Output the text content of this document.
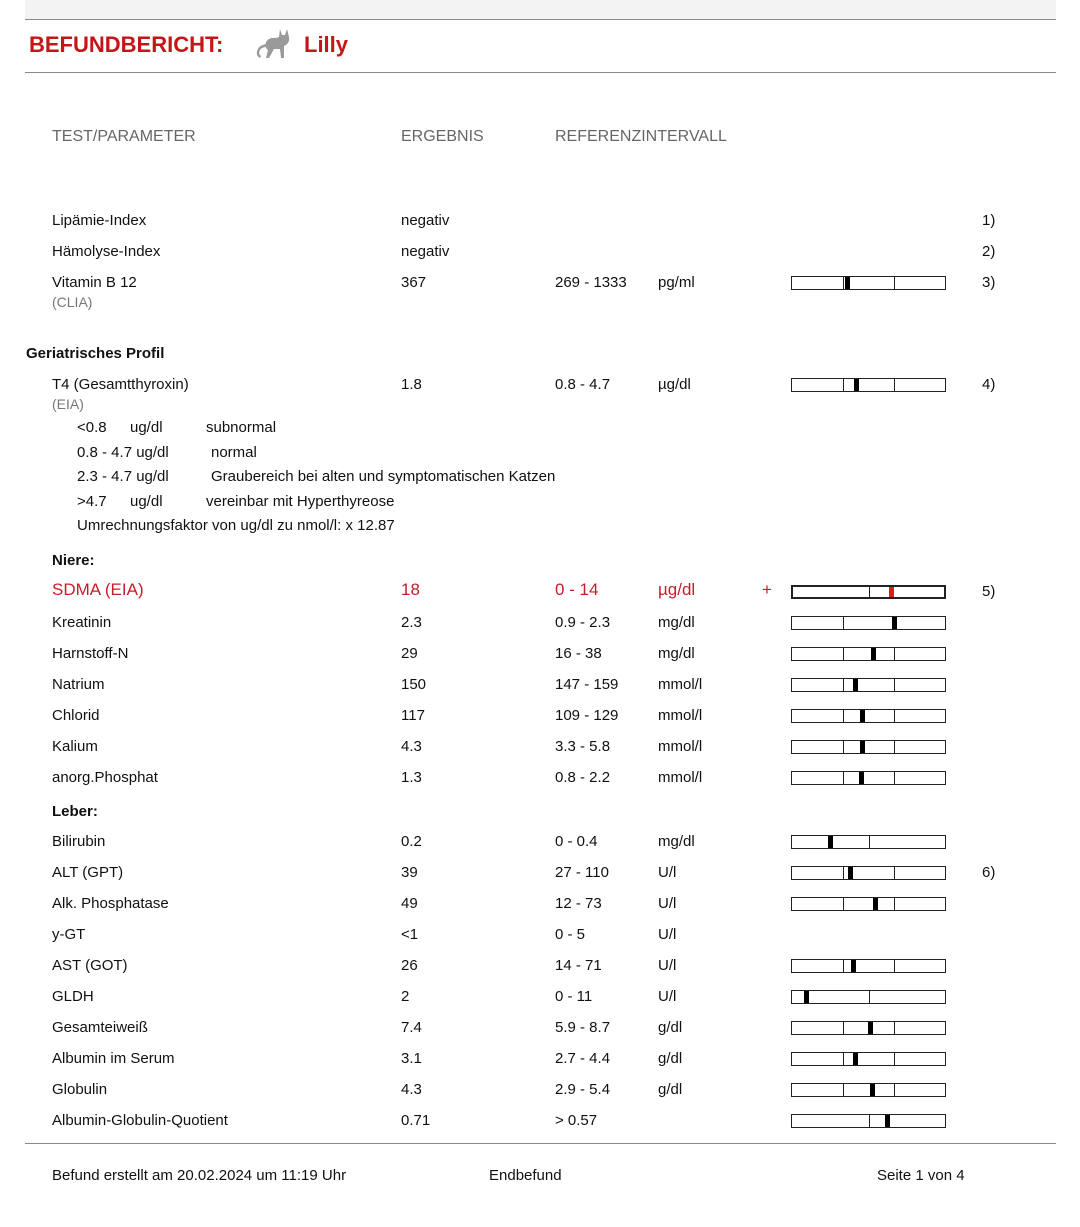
BEFUNDBERICHT:	Lilly
TEST/PARAMETER	ERGEBNIS	REFERENZINTERVALL
Lipämie-Index	negativ	1)
Hämolyse-Index	negativ	2)
Vitamin B 12	367	269 - 1333 pg/ml	3)
(CLIA)
Geriatrisches Profil
T4 (Gesamtthyroxin)	1.8	0.8 - 4.7	µg/dl	4)
(EIA)
<0.8 ug/dl	subnormal
0.8 - 4.7 ug/dl	normal
2.3 - 4.7 ug/dl	Graubereich bei alten und symptomatischen Katzen
>4.7 ug/dl	vereinbar mit Hyperthyreose
Umrechnungsfaktor von ug/dl zu nmol/l: x 12.87
Niere:
SDMA (EIA)	18	0 - 14	µg/dl	+	5)
Kreatinin	2.3	0.9 - 2.3	mg/dl
Harnstoff-N	29	16 - 38	mg/dl
Natrium	150	147 - 159	mmol/l
Chlorid	117	109 - 129	mmol/l
Kalium	4.3	3.3 - 5.8	mmol/l
anorg.Phosphat	1.3	0.8 - 2.2	mmol/l
Leber:
Bilirubin	0.2	0 - 0.4	mg/dl
ALT (GPT)	39	27 - 110	U/l	6)
Alk. Phosphatase	49	12 - 73	U/l
y-GT	<1	0 - 5	U/l
AST (GOT)	26	14 - 71	U/l
GLDH	2	0 - 11	U/l
Gesamteiweiß	7.4	5.9 - 8.7	g/dl
Albumin im Serum	3.1	2.7 - 4.4	g/dl
Globulin	4.3	2.9 - 5.4	g/dl
Albumin-Globulin-Quotient	0.71	> 0.57
Befund erstellt am 20.02.2024 um 11:19 Uhr	Endbefund	Seite 1 von 4
